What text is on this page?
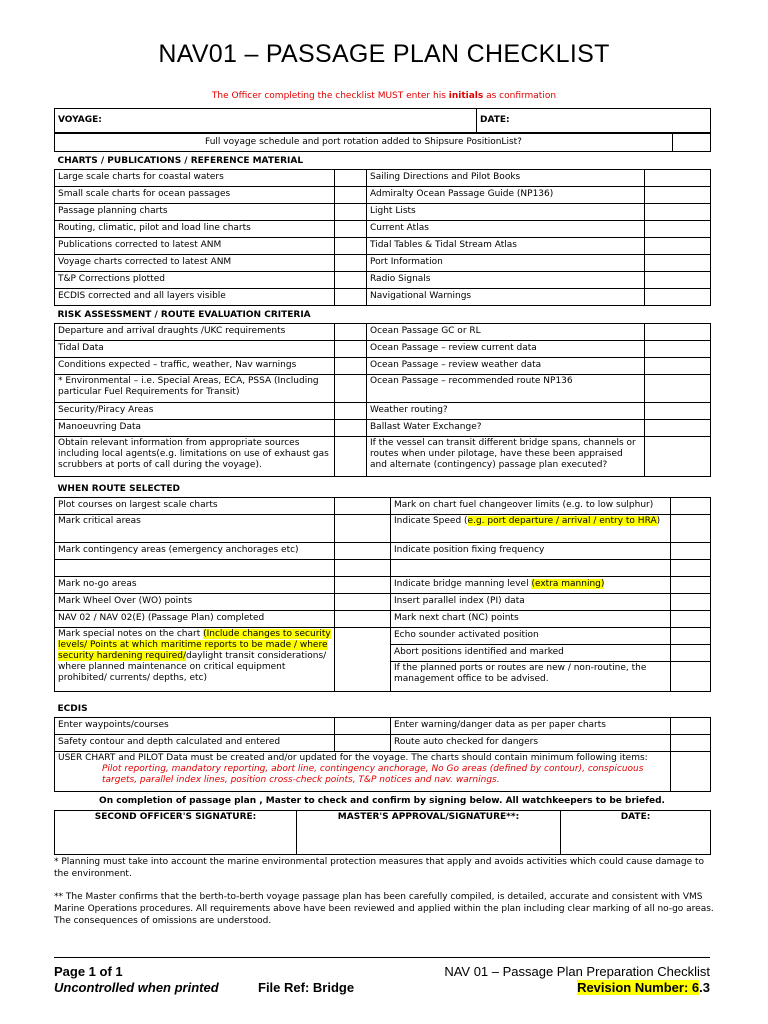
NAV01 – PASSAGE PLAN CHECKLIST
The Officer completing the checklist MUST enter his initials as confirmation
VOYAGE:	DATE:
Full voyage schedule and port rotation added to Shipsure PositionList?	
CHARTS / PUBLICATIONS / REFERENCE MATERIAL			
Large scale charts for coastal waters		Sailing Directions and Pilot Books	
Small scale charts for ocean passages		Admiralty Ocean Passage Guide (NP136)	
Passage planning charts		Light Lists	
Routing, climatic, pilot and load line charts		Current Atlas	
Publications corrected to latest ANM		Tidal Tables & Tidal Stream Atlas	
Voyage charts corrected to latest ANM		Port Information	
T&P Corrections plotted		Radio Signals	
ECDIS corrected and all layers visible		Navigational Warnings	
RISK ASSESSMENT / ROUTE EVALUATION CRITERIA			
Departure and arrival draughts /UKC requirements		Ocean Passage GC or RL	
Tidal Data		Ocean Passage – review current data	
Conditions expected – traffic, weather, Nav warnings		Ocean Passage – review weather data	
* Environmental – i.e. Special Areas, ECA, PSSA (Including particular Fuel Requirements for Transit)		Ocean Passage – recommended route NP136	
Security/Piracy Areas		Weather routing?	
Manoeuvring Data		Ballast Water Exchange?	
Obtain relevant information from appropriate sources including local agents(e.g. limitations on use of exhaust gas scrubbers at ports of call during the voyage).		If the vessel can transit different bridge spans, channels or routes when under pilotage, have these been appraised and alternate (contingency) passage plan executed?	
WHEN ROUTE SELECTED			
Plot courses on largest scale charts		Mark on chart fuel changeover limits (e.g. to low sulphur)	
Mark critical areas		Indicate Speed (e.g. port departure / arrival / entry to HRA)	
Mark contingency areas (emergency anchorages etc)		Indicate position fixing frequency	

Mark no-go areas		Indicate bridge manning level (extra manning)	
Mark Wheel Over (WO) points		Insert parallel index (PI) data	
NAV 02 / NAV 02(E) (Passage Plan) completed		Mark next chart (NC) points	
Mark special notes on the chart (Include changes to security levels/ Points at which maritime reports to be made / where security hardening required/daylight transit considerations/ where planned maintenance on critical equipment prohibited/ currents/ depths, etc)		Echo sounder activated position	
		Abort positions identified and marked	
		If the planned ports or routes are new / non-routine, the management office to be advised.	
ECDIS			
Enter waypoints/courses		Enter warning/danger data as per paper charts	
Safety contour and depth calculated and entered		Route auto checked for dangers	

USER CHART and PILOT Data must be created and/or updated for the voyage. The charts should contain minimum following items:
Pilot reporting, mandatory reporting, abort line, contingency anchorage, No Go areas (defined by contour), conspicuous targets, parallel index lines, position cross-check points, T&P notices and nav. warnings.			

On completion of passage plan , Master to check and confirm by signing below. All watchkeepers to be briefed.
SECOND OFFICER'S SIGNATURE:	MASTER'S APPROVAL/SIGNATURE**:	DATE:
* Planning must take into account the marine environmental protection measures that apply and avoids activities which could cause damage to the environment.
** The Master confirms that the berth-to-berth voyage passage plan has been carefully compiled, is detailed, accurate and consistent with VMS Marine Operations procedures. All requirements above have been reviewed and applied within the plan including clear marking of all no-go areas. The consequences of omissions are understood.
Page 1 of 1
Uncontrolled when printed	File Ref: Bridge
NAV 01 – Passage Plan Preparation Checklist
Revision Number: 6.3
